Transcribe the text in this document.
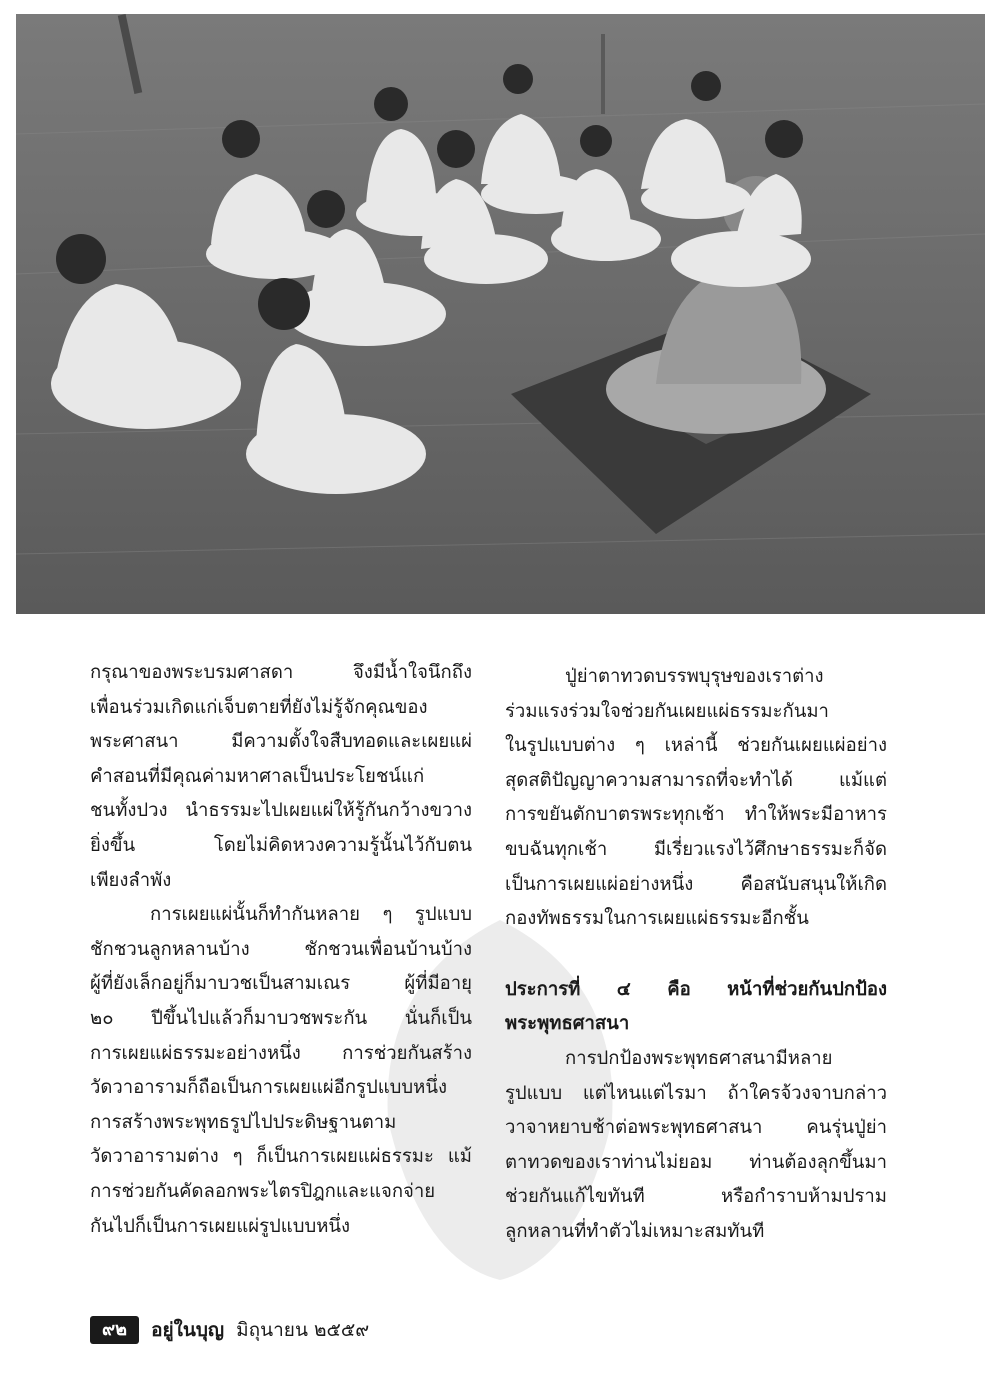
กรุณาของพระบรมศาสดา จึงมีน้ำใจนึกถึง
เพื่อนร่วมเกิดแก่เจ็บตายที่ยังไม่รู้จักคุณของ
พระศาสนา มีความตั้งใจสืบทอดและเผยแผ่
คำสอนที่มีคุณค่ามหาศาลเป็นประโยชน์แก่
ชนทั้งปวง นำธรรมะไปเผยแผ่ให้รู้กันกว้างขวาง
ยิ่งขึ้น โดยไม่คิดหวงความรู้นั้นไว้กับตน
เพียงลำพัง
การเผยแผ่นั้นก็ทำกันหลาย ๆ รูปแบบ
ชักชวนลูกหลานบ้าง ชักชวนเพื่อนบ้านบ้าง
ผู้ที่ยังเล็กอยู่ก็มาบวชเป็นสามเณร ผู้ที่มีอายุ
๒๐ ปีขึ้นไปแล้วก็มาบวชพระกัน นั่นก็เป็น
การเผยแผ่ธรรมะอย่างหนึ่ง การช่วยกันสร้าง
วัดวาอารามก็ถือเป็นการเผยแผ่อีกรูปแบบหนึ่ง
การสร้างพระพุทธรูปไปประดิษฐานตาม
วัดวาอารามต่าง ๆ ก็เป็นการเผยแผ่ธรรมะ แม้
การช่วยกันคัดลอกพระไตรปิฎกและแจกจ่าย
กันไปก็เป็นการเผยแผ่รูปแบบหนึ่ง
ปู่ย่าตาทวดบรรพบุรุษของเราต่าง
ร่วมแรงร่วมใจช่วยกันเผยแผ่ธรรมะกันมา
ในรูปแบบต่าง ๆ เหล่านี้ ช่วยกันเผยแผ่อย่าง
สุดสติปัญญาความสามารถที่จะทำได้ แม้แต่
การขยันตักบาตรพระทุกเช้า ทำให้พระมีอาหาร
ขบฉันทุกเช้า มีเรี่ยวแรงไว้ศึกษาธรรมะก็จัด
เป็นการเผยแผ่อย่างหนึ่ง คือสนับสนุนให้เกิด
กองทัพธรรมในการเผยแผ่ธรรมะอีกชั้น
ประการที่ ๔ คือ หน้าที่ช่วยกันปกป้อง
พระพุทธศาสนา
การปกป้องพระพุทธศาสนามีหลาย
รูปแบบ แต่ไหนแต่ไรมา ถ้าใครจ้วงจาบกล่าว
วาจาหยาบช้าต่อพระพุทธศาสนา คนรุ่นปู่ย่า
ตาทวดของเราท่านไม่ยอม ท่านต้องลุกขึ้นมา
ช่วยกันแก้ไขทันที หรือกำราบห้ามปราม
ลูกหลานที่ทำตัวไม่เหมาะสมทันที
๙๒	อยู่ในบุญ มิถุนายน ๒๕๕๙
